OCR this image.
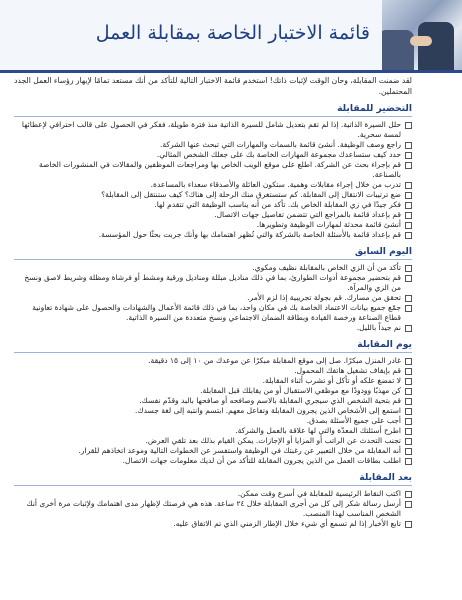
قائمة الاختبار الخاصة بمقابلة العمل

لقد ضمنت المقابلة، وحان الوقت لإثبات ذاتك! استخدم قائمة الاختبار التالية للتأكد من أنك مستعد تمامًا لإبهار رؤساء العمل الجدد المحتملين.

التحضير للمقابلة
حلل السيرة الذاتية. إذا لم تقم بتعديل شامل للسيرة الذاتية منذ فترة طويلة، ففكر في الحصول على قالب احترافي لإعطائها لمسة سحرية.
راجع وصف الوظيفة. أنشئ قائمة بالسمات والمهارات التي تبحث عنها الشركة.
حدد كيف ستساعدك مجموعة المهارات الخاصة بك على جعلك الشخص المثالي.
قم بإجراء بحث عن الشركة. اطلع على موقع الويب الخاص بها ومراجعات الموظفين والمقالات في المنشورات الخاصة بالصناعة.
تدرب من خلال إجراء مقابلات وهمية. ستكون العائلة والأصدقاء سعداء بالمساعدة.
ضع ترتيبات الانتقال إلى المقابلة. كم ستستغرق منك الرحلة إلى هناك؟ كيف ستنتقل إلى المقابلة؟
فكر جيدًا في زي المقابلة الخاص بك. تأكد من أنه يناسب الوظيفة التي تتقدم لها.
قم بإعداد قائمة بالمراجع التي تتضمن تفاصيل جهات الاتصال.
أنشئ قائمة محدثة لمهارات الوظيفة وتطويرها.
قم بإعداد قائمة بالأسئلة الخاصة بالشركة والتي تُظهر اهتمامك بها وأنك جربت بحثًا حول المؤسسة.
اليوم السابق
تأكد من أن الزي الخاص بالمقابلة نظيف ومكوي.
قم بتحضير مجموعة أدوات الطوارئ، بما في ذلك مناديل مبللة ومناديل ورقية ومشط أو فرشاة ومظلة وشريط لاصق ونسخ من الزي والمرآة.
تحقق من مسارك. قم بجولة تجريبية إذا لزم الأمر.
جمّع جميع بيانات الاعتماد الخاصة بك في مكان واحد، بما في ذلك قائمة الأعمال والشهادات والحصول على شهادة تعاونية قطاع الصناعة ورخصة القيادة وبطاقة الضمان الاجتماعي ونسخ متعددة من السيرة الذاتية.
نم جيداً بالليل.
يوم المقابلة
غادر المنزل مبكرًا. صل إلى موقع المقابلة مبكرًا عن موعدك من ١٠ إلى ١٥ دقيقة.
قم بإيقاف تشغيل هاتفك المحمول.
لا تمضغ علكه أو تأكل أو تشرب أثناء المقابلة.
كن مهذبًا وودودًا مع موظفي الاستقبال أو من يقابلك قبل المقابلة.
قم بتحية الشخص الذي سيجري المقابلة بالاسم وصافحه أو صافحها بالبد وقدّم نفسك.
استمع إلى الأشخاص الذين يجرون المقابلة وتفاعل معهم. ابتسم وانتبه إلى لغة جسدك.
أجب على جميع الأسئلة بصدق.
اطرح أسئلتك المعدّة والتي لها علاقة بالعمل والشركة.
تجنب التحدث عن الراتب أو المزايا أو الإجازات. يمكن القيام بذلك بعد تلقي العرض.
أنه المقابلة من خلال التعبير عن رغبتك في الوظيفة واستفسر عن الخطوات التالية وموعد اتخاذهم للقرار.
اطلب بطاقات العمل من الذين يجرون المقابلة للتأكد من أن لديك معلومات جهات الاتصال.
بعد المقابلة
اكتب النقاط الرئيسية للمقابلة في أسرع وقت ممكن.
أرسل رسالة شكر إلى كل من أجرى المقابلة خلال ٢٤ ساعة. هذه هي فرصتك لإظهار مدى اهتمامك ولإثبات مرة أخرى أنك الشخص المناسب لهذا المنصب.
تابع الأخبار إذا لم تسمع أي شيء خلال الإطار الزمني الذي تم الاتفاق عليه.
